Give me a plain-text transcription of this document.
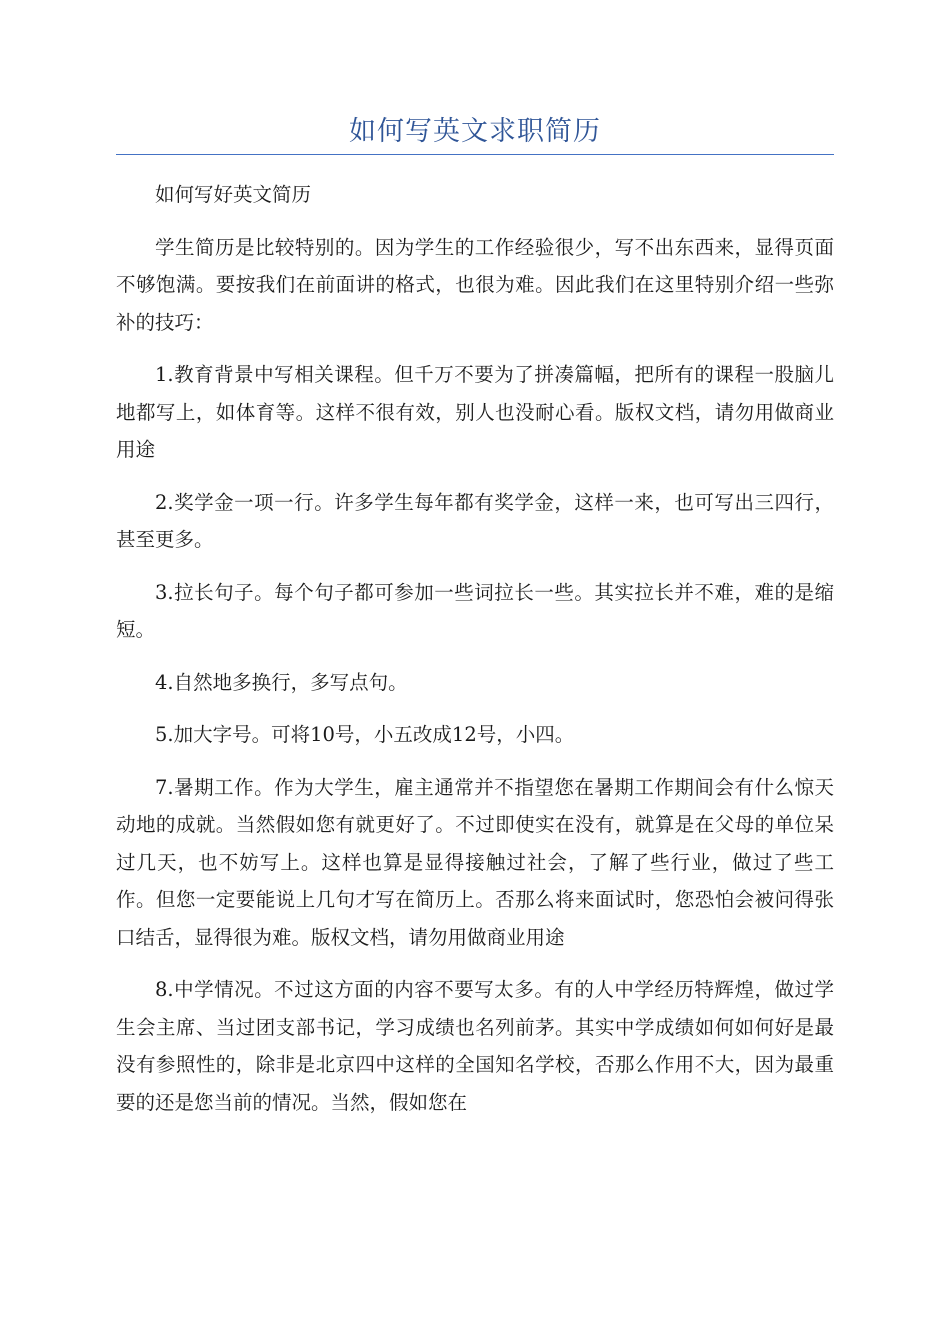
如何写英文求职简历

如何写好英文简历

学生简历是比较特别的。因为学生的工作经验很少，写不出东西来，显得页面不够饱满。要按我们在前面讲的格式，也很为难。因此我们在这里特别介绍一些弥补的技巧：

1.教育背景中写相关课程。但千万不要为了拼凑篇幅，把所有的课程一股脑儿地都写上，如体育等。这样不很有效，别人也没耐心看。版权文档，请勿用做商业用途

2.奖学金一项一行。许多学生每年都有奖学金，这样一来，也可写出三四行，甚至更多。

3.拉长句子。每个句子都可参加一些词拉长一些。其实拉长并不难，难的是缩短。

4.自然地多换行，多写点句。

5.加大字号。可将10号，小五改成12号，小四。

7.暑期工作。作为大学生，雇主通常并不指望您在暑期工作期间会有什么惊天动地的成就。当然假如您有就更好了。不过即使实在没有，就算是在父母的单位呆过几天，也不妨写上。这样也算是显得接触过社会，了解了些行业，做过了些工作。但您一定要能说上几句才写在简历上。否那么将来面试时，您恐怕会被问得张口结舌，显得很为难。版权文档，请勿用做商业用途

8.中学情况。不过这方面的内容不要写太多。有的人中学经历特辉煌，做过学生会主席、当过团支部书记，学习成绩也名列前茅。其实中学成绩如何如何好是最没有参照性的，除非是北京四中这样的全国知名学校，否那么作用不大，因为最重要的还是您当前的情况。当然，假如您在
